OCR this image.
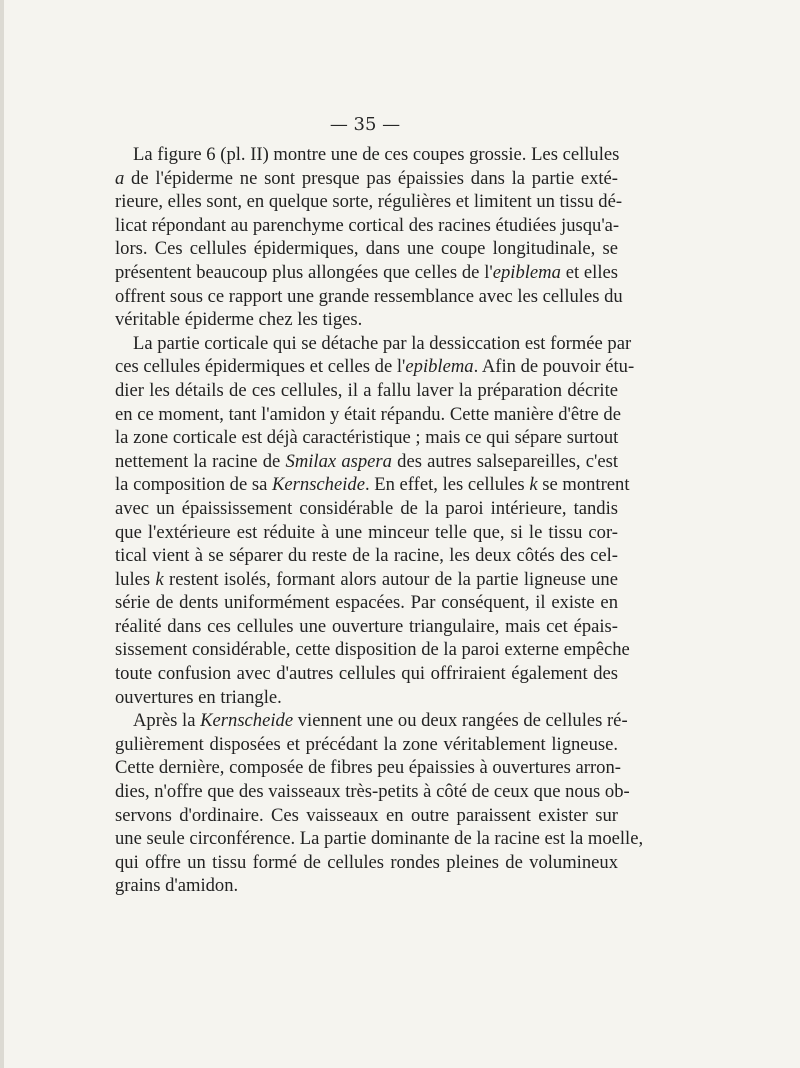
— 35 —
La figure 6 (pl. II) montre une de ces coupes grossie. Les cellules
a de l'épiderme ne sont presque pas épaissies dans la partie exté-
rieure, elles sont, en quelque sorte, régulières et limitent un tissu dé-
licat répondant au parenchyme cortical des racines étudiées jusqu'a-
lors. Ces cellules épidermiques, dans une coupe longitudinale, se
présentent beaucoup plus allongées que celles de l'epiblema et elles
offrent sous ce rapport une grande ressemblance avec les cellules du
véritable épiderme chez les tiges.
La partie corticale qui se détache par la dessiccation est formée par
ces cellules épidermiques et celles de l'epiblema. Afin de pouvoir étu-
dier les détails de ces cellules, il a fallu laver la préparation décrite
en ce moment, tant l'amidon y était répandu. Cette manière d'être de
la zone corticale est déjà caractéristique ; mais ce qui sépare surtout
nettement la racine de Smilax aspera des autres salsepareilles, c'est
la composition de sa Kernscheide. En effet, les cellules k se montrent
avec un épaississement considérable de la paroi intérieure, tandis
que l'extérieure est réduite à une minceur telle que, si le tissu cor-
tical vient à se séparer du reste de la racine, les deux côtés des cel-
lules k restent isolés, formant alors autour de la partie ligneuse une
série de dents uniformément espacées. Par conséquent, il existe en
réalité dans ces cellules une ouverture triangulaire, mais cet épais-
sissement considérable, cette disposition de la paroi externe empêche
toute confusion avec d'autres cellules qui offriraient également des
ouvertures en triangle.
Après la Kernscheide viennent une ou deux rangées de cellules ré-
gulièrement disposées et précédant la zone véritablement ligneuse.
Cette dernière, composée de fibres peu épaissies à ouvertures arron-
dies, n'offre que des vaisseaux très-petits à côté de ceux que nous ob-
servons d'ordinaire. Ces vaisseaux en outre paraissent exister sur
une seule circonférence. La partie dominante de la racine est la moelle,
qui offre un tissu formé de cellules rondes pleines de volumineux
grains d'amidon.
